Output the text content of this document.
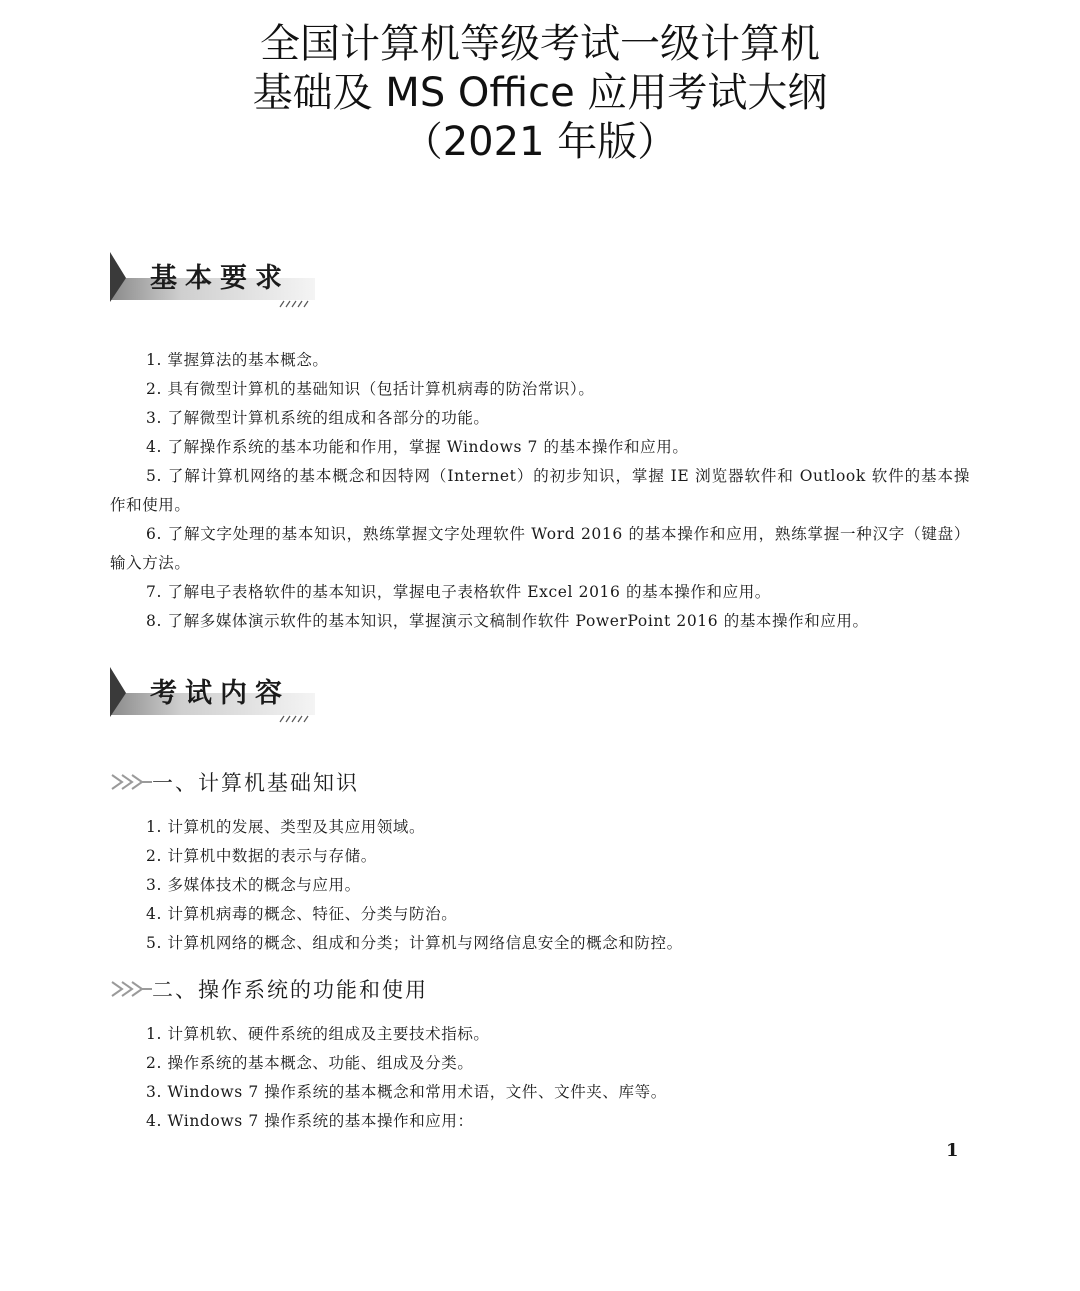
全国计算机等级考试一级计算机
基础及 MS Office 应用考试大纲
（2021 年版）
基本要求
1. 掌握算法的基本概念。
2. 具有微型计算机的基础知识（包括计算机病毒的防治常识）。
3. 了解微型计算机系统的组成和各部分的功能。
4. 了解操作系统的基本功能和作用，掌握 Windows 7 的基本操作和应用。
5. 了解计算机网络的基本概念和因特网（Internet）的初步知识，掌握 IE 浏览器软件和 Outlook 软件的基本操作和使用。
6. 了解文字处理的基本知识，熟练掌握文字处理软件 Word 2016 的基本操作和应用，熟练掌握一种汉字（键盘）输入方法。
7. 了解电子表格软件的基本知识，掌握电子表格软件 Excel 2016 的基本操作和应用。
8. 了解多媒体演示软件的基本知识，掌握演示文稿制作软件 PowerPoint 2016 的基本操作和应用。
考试内容
一、计算机基础知识
1. 计算机的发展、类型及其应用领域。
2. 计算机中数据的表示与存储。
3. 多媒体技术的概念与应用。
4. 计算机病毒的概念、特征、分类与防治。
5. 计算机网络的概念、组成和分类；计算机与网络信息安全的概念和防控。
二、操作系统的功能和使用
1. 计算机软、硬件系统的组成及主要技术指标。
2. 操作系统的基本概念、功能、组成及分类。
3. Windows 7 操作系统的基本概念和常用术语，文件、文件夹、库等。
4. Windows 7 操作系统的基本操作和应用：
1
